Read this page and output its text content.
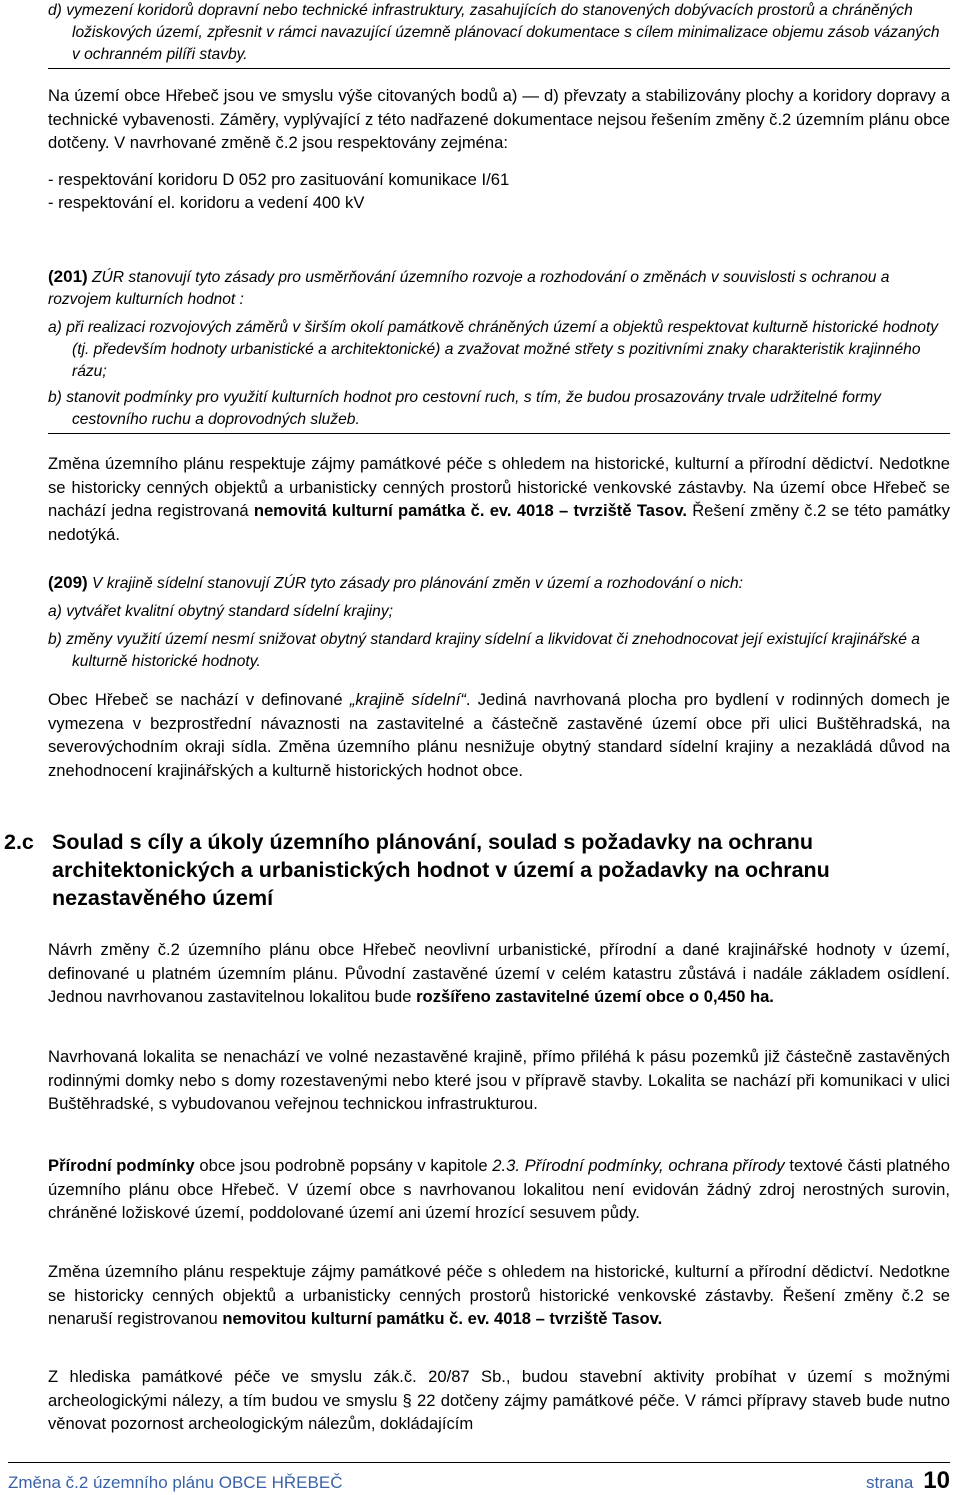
d) vymezení koridorů dopravní nebo technické infrastruktury, zasahujících do stanovených dobývacích prostorů a chráněných ložiskových území, zpřesnit v rámci navazující územně plánovací dokumentace s cílem minimalizace objemu zásob vázaných v ochranném pilíři stavby.

Na území obce Hřebeč jsou ve smyslu výše citovaných bodů a) — d) převzaty a stabilizovány plochy a koridory dopravy a technické vybavenosti. Záměry, vyplývající z této nadřazené dokumentace nejsou řešením změny č.2 územním plánu obce dotčeny. V navrhované změně č.2 jsou respektovány zejména:

- respektování koridoru D 052 pro zasituování komunikace I/61

- respektování el. koridoru a vedení 400 kV

(201) ZÚR stanovují tyto zásady pro usměrňování územního rozvoje a rozhodování o změnách v souvislosti s ochranou a rozvojem kulturních hodnot :

a) při realizaci rozvojových záměrů v širším okolí památkově chráněných území a objektů respektovat kulturně historické hodnoty (tj. především hodnoty urbanistické a architektonické) a zvažovat možné střety s pozitivními znaky charakteristik krajinného rázu;

b) stanovit podmínky pro využití kulturních hodnot pro cestovní ruch, s tím, že budou prosazovány trvale udržitelné formy cestovního ruchu a doprovodných služeb.

Změna územního plánu respektuje zájmy památkové péče s ohledem na historické, kulturní a přírodní dědictví. Nedotkne se historicky cenných objektů a urbanisticky cenných prostorů historické venkovské zástavby. Na území obce Hřebeč se nachází jedna registrovaná nemovitá kulturní památka č. ev. 4018 – tvrziště Tasov. Řešení změny č.2 se této památky nedotýká.

(209) V krajině sídelní stanovují ZÚR tyto zásady pro plánování změn v území a rozhodování o nich:

a) vytvářet kvalitní obytný standard sídelní krajiny;

b) změny využití území nesmí snižovat obytný standard krajiny sídelní a likvidovat či znehodnocovat její existující krajinářské a kulturně historické hodnoty.

Obec Hřebeč se nachází v definované „krajině sídelní“. Jediná navrhovaná plocha pro bydlení v rodinných domech je vymezena v bezprostřední návaznosti na zastavitelné a částečně zastavěné území obce při ulici Buštěhradská, na severovýchodním okraji sídla. Změna územního plánu nesnižuje obytný standard sídelní krajiny a nezakládá důvod na znehodnocení krajinářských a kulturně historických hodnot obce.

2.c Soulad s cíly a úkoly územního plánování, soulad s požadavky na ochranu architektonických a urbanistických hodnot v území a požadavky na ochranu nezastavěného území

Návrh změny č.2 územního plánu obce Hřebeč neovlivní urbanistické, přírodní a dané krajinářské hodnoty v území, definované u platném územním plánu. Původní zastavěné území v celém katastru zůstává i nadále základem osídlení. Jednou navrhovanou zastavitelnou lokalitou bude rozšířeno zastavitelné území obce o 0,450 ha.

Navrhovaná lokalita se nenachází ve volné nezastavěné krajině, přímo přiléhá k pásu pozemků již částečně zastavěných rodinnými domky nebo s domy rozestavenými nebo které jsou v přípravě stavby. Lokalita se nachází při komunikaci v ulici Buštěhradské, s vybudovanou veřejnou technickou infrastrukturou.

Přírodní podmínky obce jsou podrobně popsány v kapitole 2.3. Přírodní podmínky, ochrana přírody textové části platného územního plánu obce Hřebeč. V území obce s navrhovanou lokalitou není evidován žádný zdroj nerostných surovin, chráněné ložiskové území, poddolované území ani území hrozící sesuvem půdy.

Změna územního plánu respektuje zájmy památkové péče s ohledem na historické, kulturní a přírodní dědictví. Nedotkne se historicky cenných objektů a urbanisticky cenných prostorů historické venkovské zástavby. Řešení změny č.2 se nenaruší registrovanou nemovitou kulturní památku č. ev. 4018 – tvrziště Tasov.

Z hlediska památkové péče ve smyslu zák.č. 20/87 Sb., budou stavební aktivity probíhat v území s možnými archeologickými nálezy, a tím budou ve smyslu § 22 dotčeny zájmy památkové péče. V rámci přípravy staveb bude nutno věnovat pozornost archeologickým nálezům, dokládajícím

Změna č.2 územního plánu OBCE HŘEBEČ	strana 10
